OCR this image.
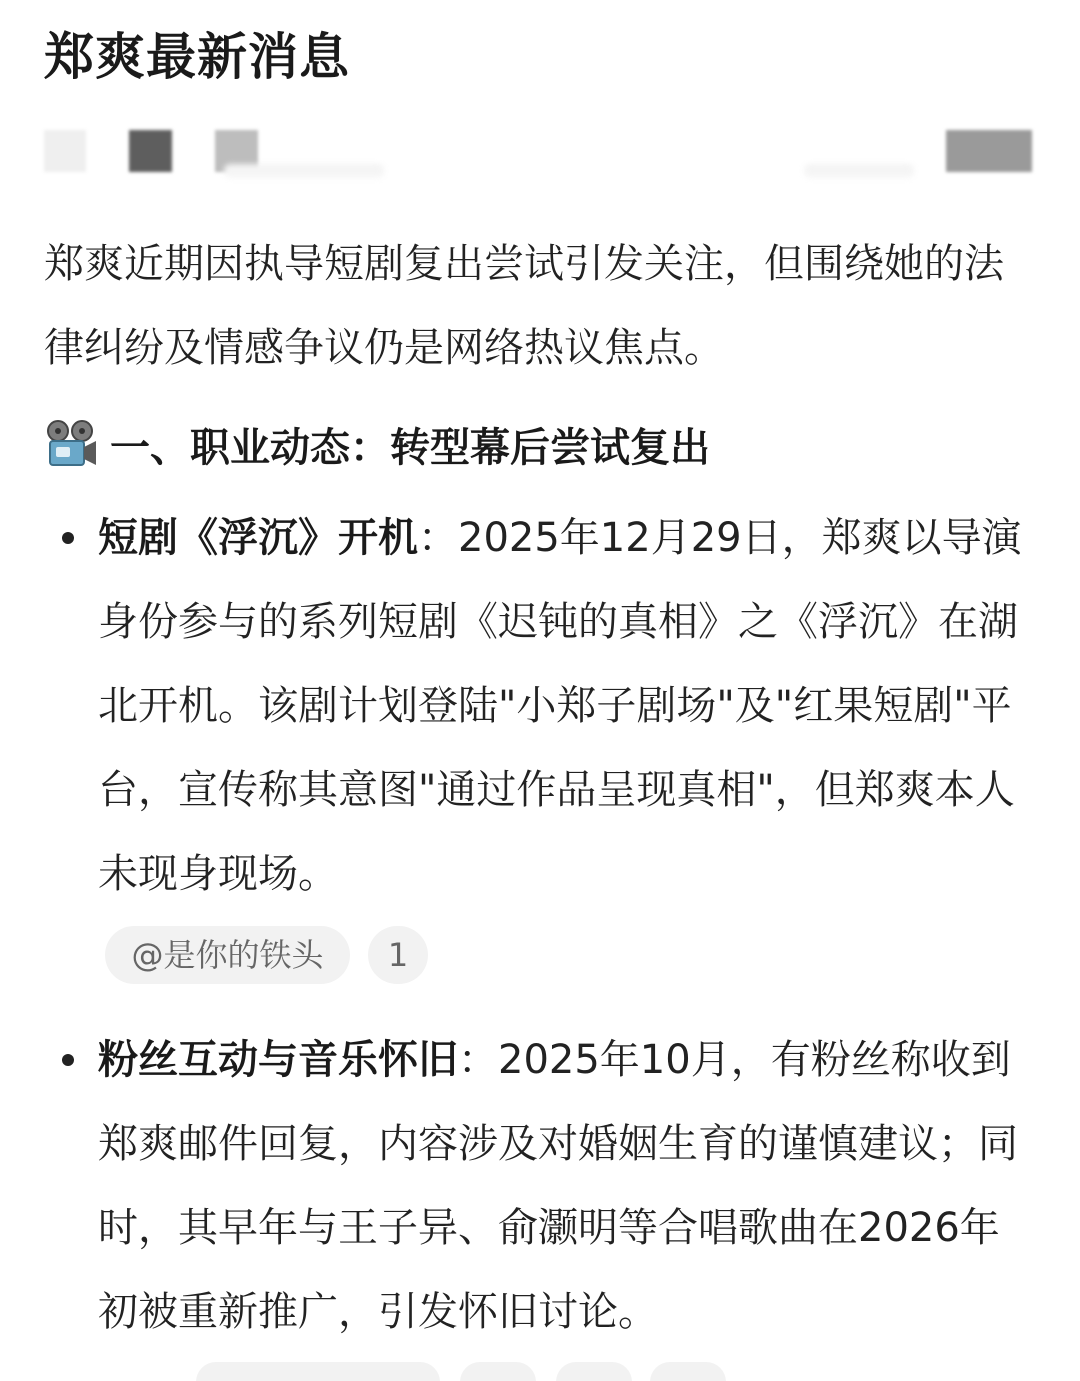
郑爽最新消息
郑爽近期因执导短剧复出尝试引发关注，但围绕她的法律纠纷及情感争议仍是网络热议焦点。
一、职业动态：转型幕后尝试复出
短剧《浮沉》开机：2025年12月29日，郑爽以导演身份参与的系列短剧《迟钝的真相》之《浮沉》在湖北开机。该剧计划登陆"小郑子剧场"及"红果短剧"平台，宣传称其意图"通过作品呈现真相"，但郑爽本人未现身现场。
@是你的铁头	1
粉丝互动与音乐怀旧：2025年10月，有粉丝称收到郑爽邮件回复，内容涉及对婚姻生育的谨慎建议；同时，其早年与王子异、俞灏明等合唱歌曲在2026年初被重新推广，引发怀旧讨论。
